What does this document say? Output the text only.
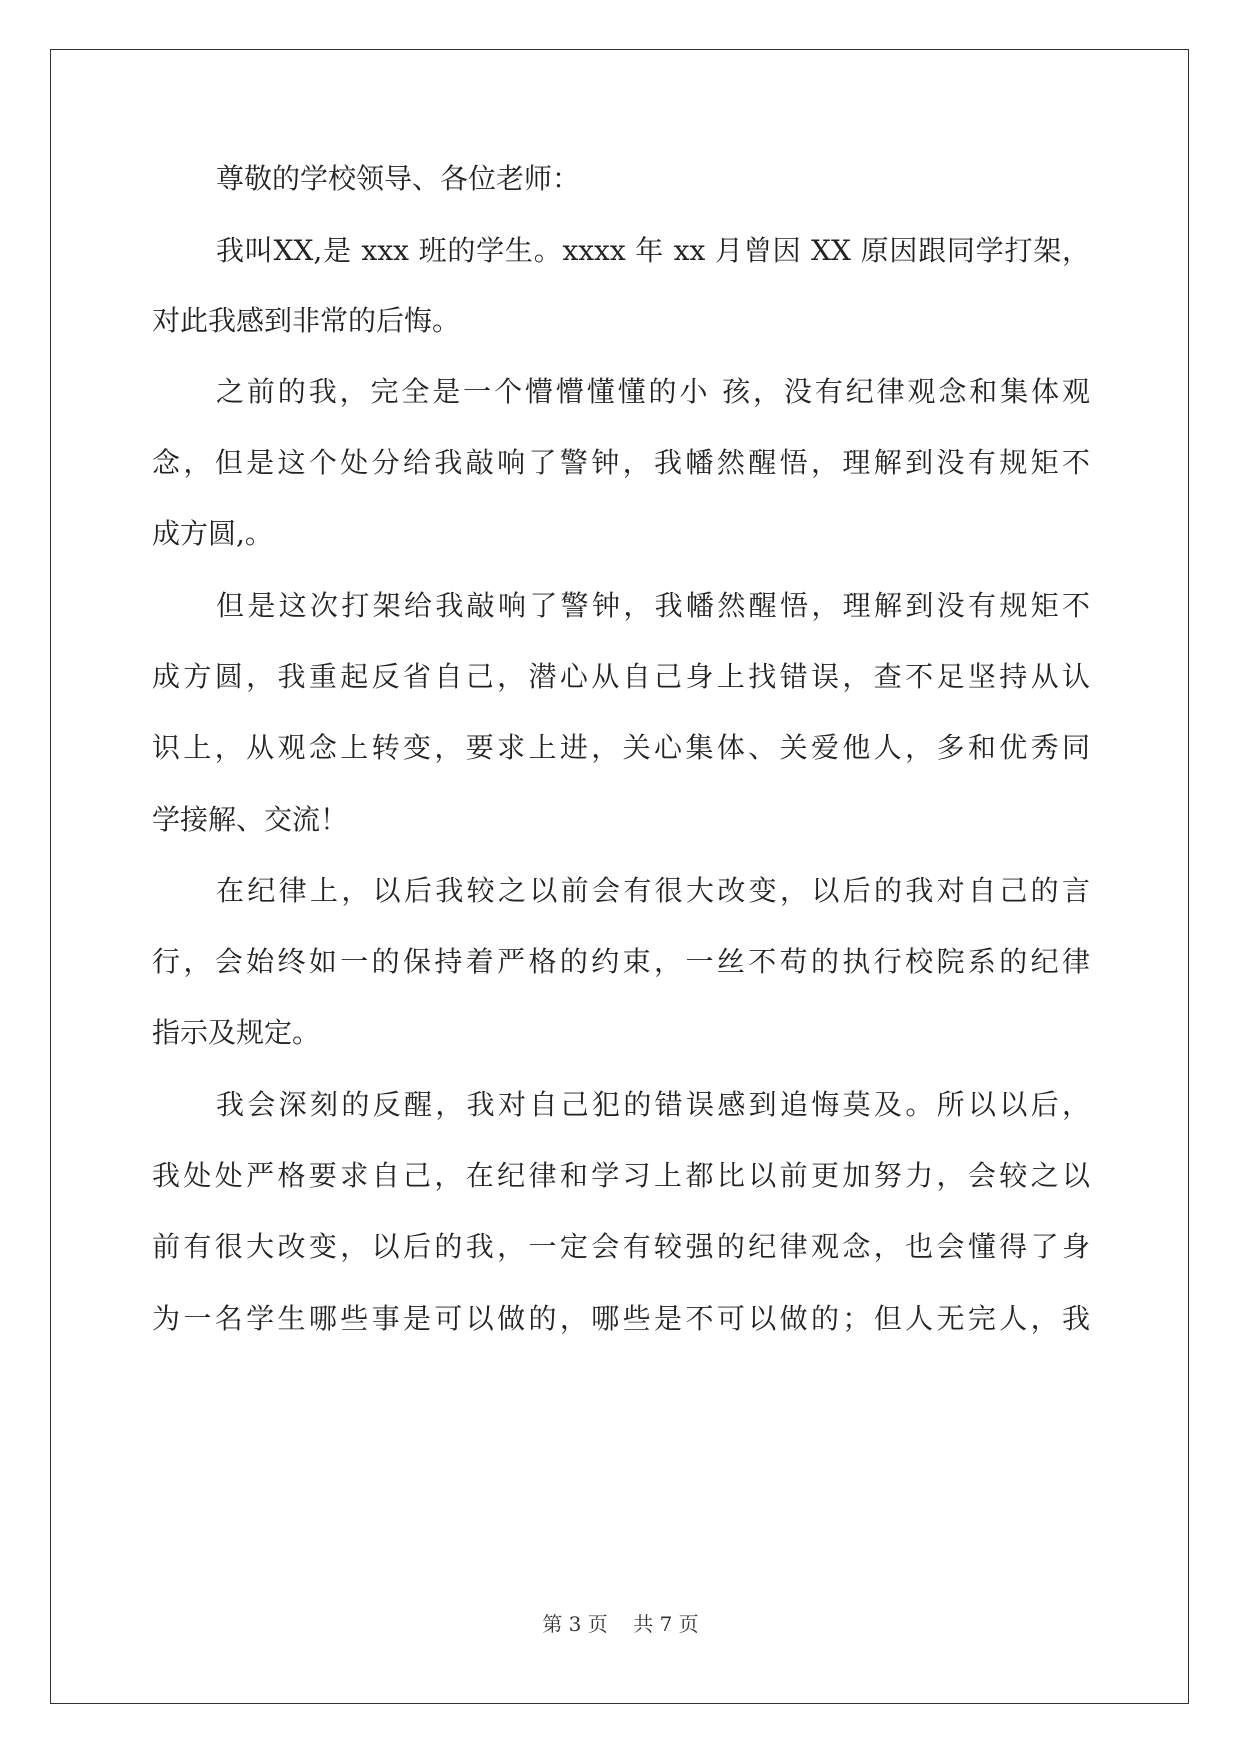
尊敬的学校领导、各位老师：
我叫XX,是 xxx 班的学生。xxxx 年 xx 月曾因 XX 原因跟同学打架，
对此我感到非常的后悔。
之前的我，完全是一个懵懵懂懂的小 孩，没有纪律观念和集体观
念，但是这个处分给我敲响了警钟，我幡然醒悟，理解到没有规矩不
成方圆,。
但是这次打架给我敲响了警钟，我幡然醒悟，理解到没有规矩不
成方圆，我重起反省自己，潜心从自己身上找错误，查不足坚持从认
识上，从观念上转变，要求上进，关心集体、关爱他人，多和优秀同
学接解、交流！
在纪律上，以后我较之以前会有很大改变，以后的我对自己的言
行，会始终如一的保持着严格的约束，一丝不苟的执行校院系的纪律
指示及规定。
我会深刻的反醒，我对自己犯的错误感到追悔莫及。所以以后，
我处处严格要求自己，在纪律和学习上都比以前更加努力，会较之以
前有很大改变，以后的我，一定会有较强的纪律观念，也会懂得了身
为一名学生哪些事是可以做的，哪些是不可以做的；但人无完人，我
第 3 页 共 7 页
